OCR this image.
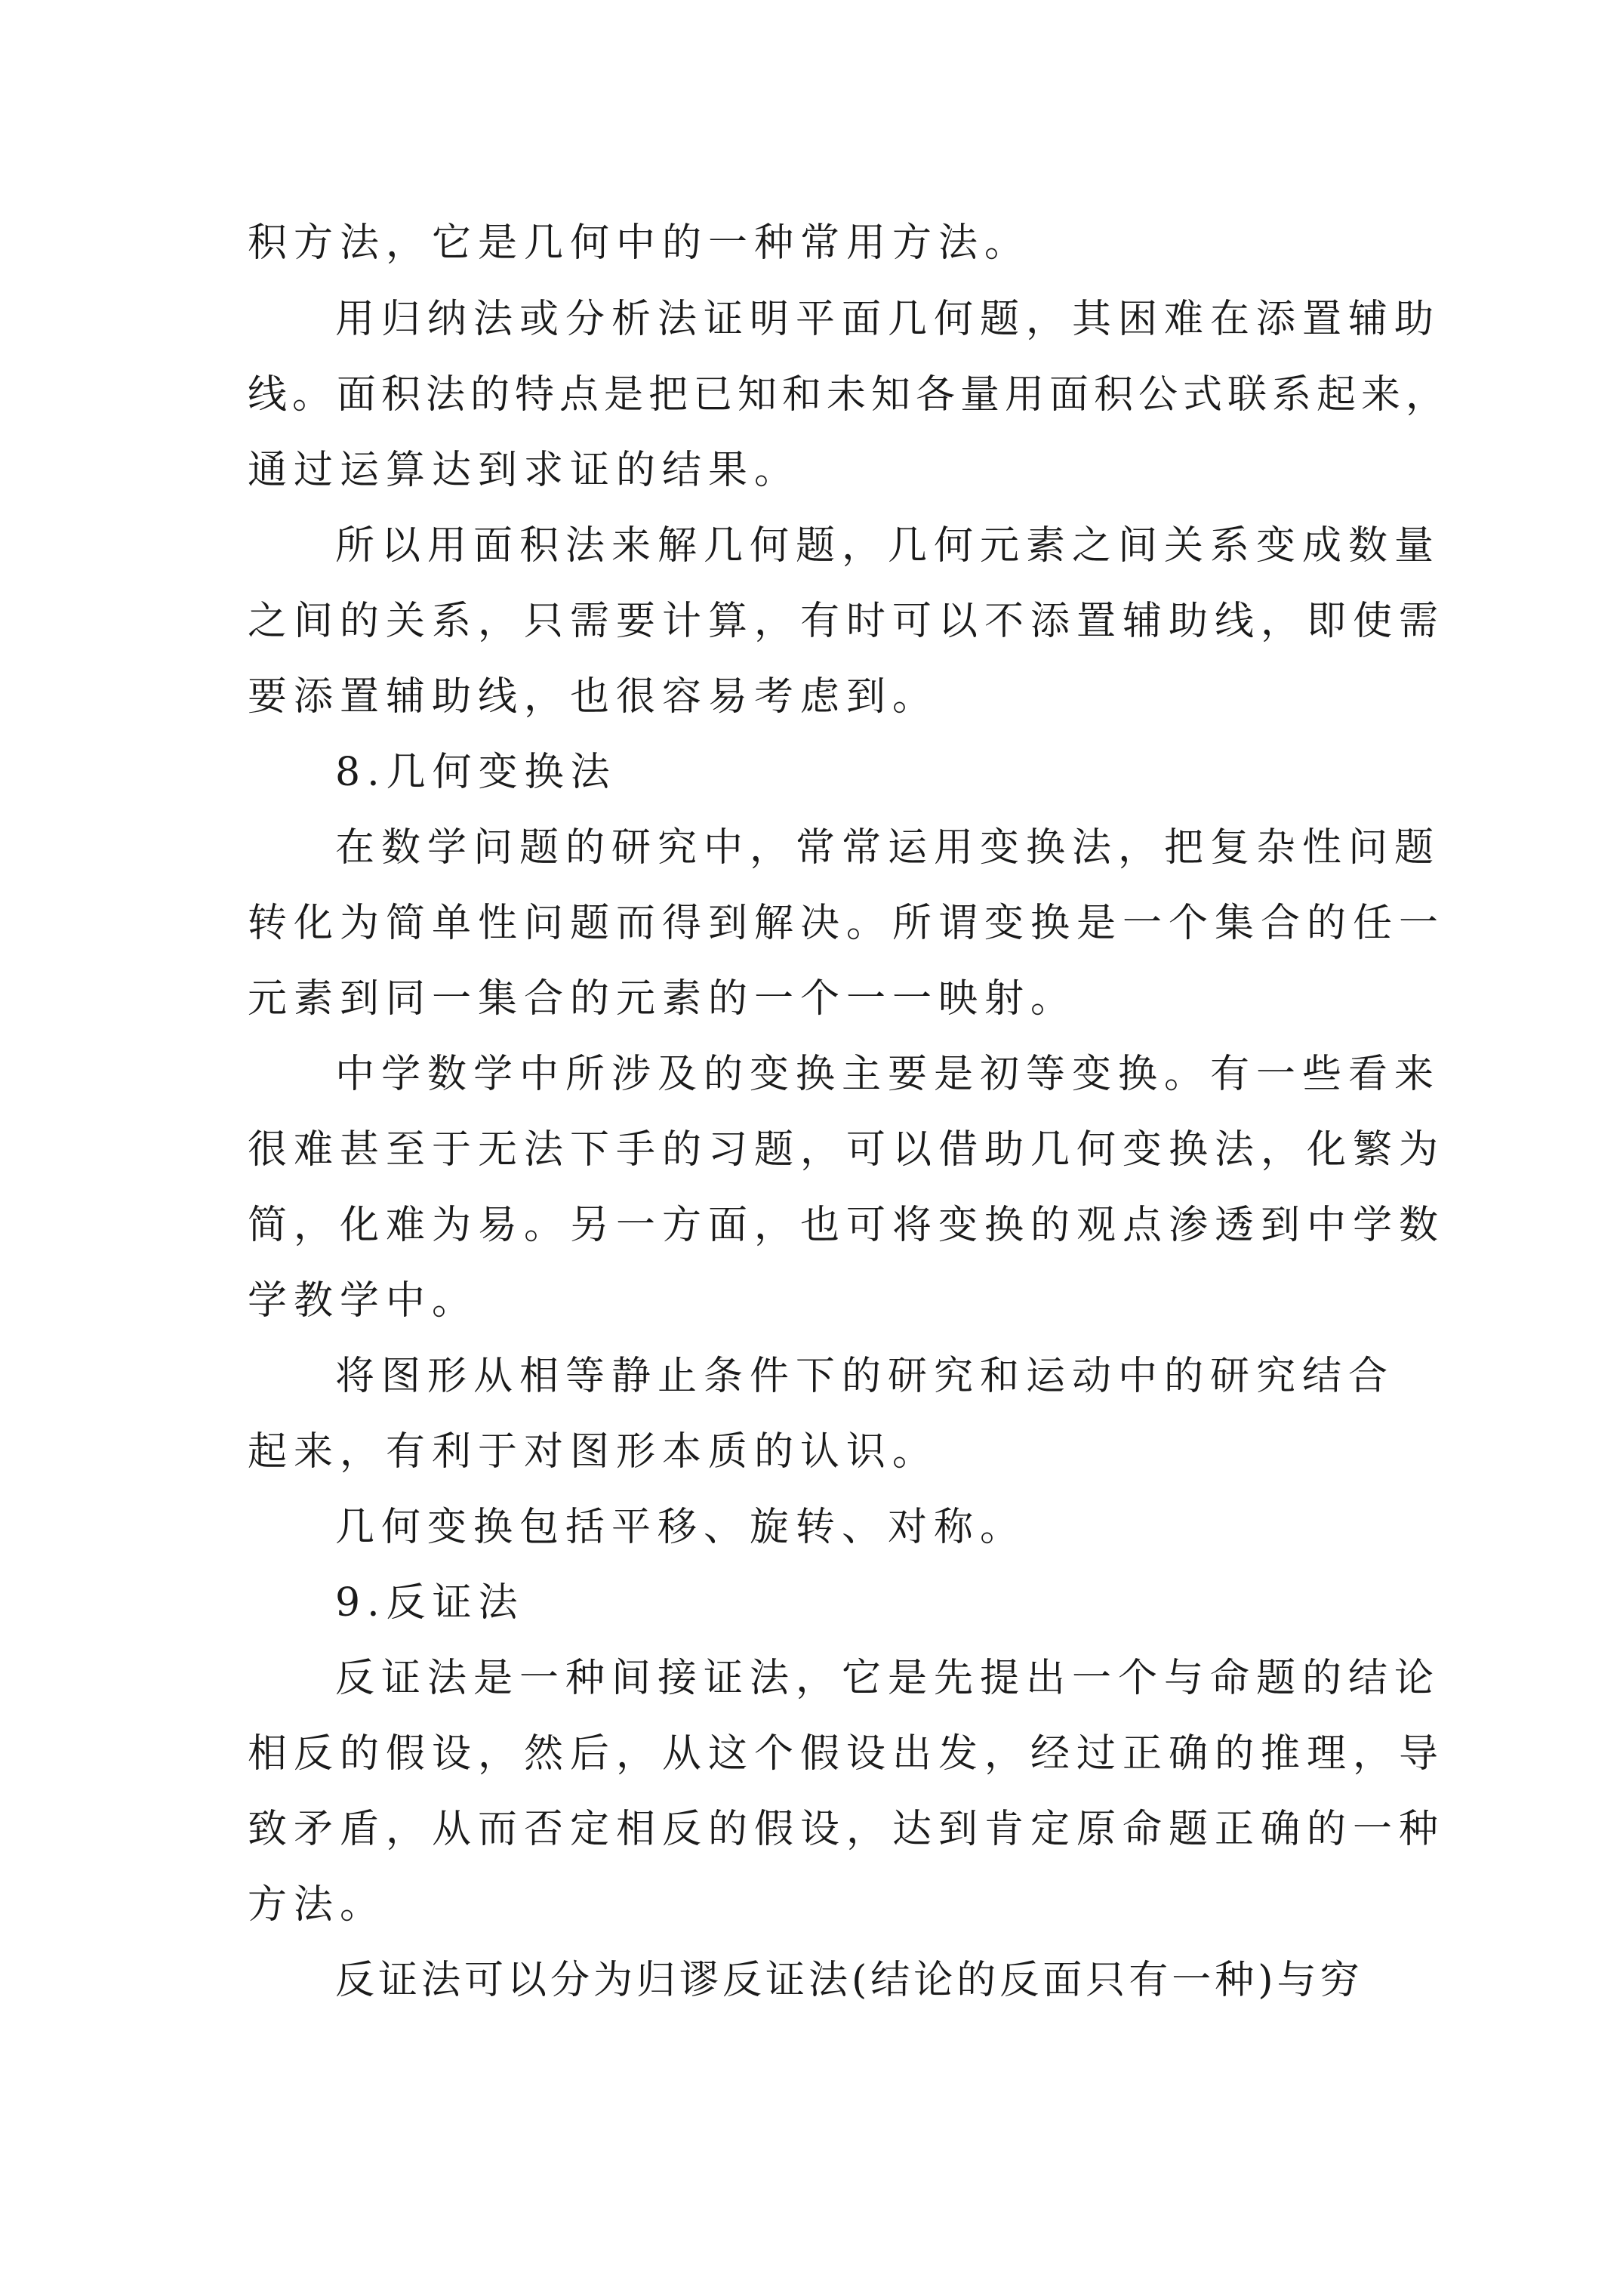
积方法，它是几何中的一种常用方法。
用归纳法或分析法证明平面几何题，其困难在添置辅助
线。面积法的特点是把已知和未知各量用面积公式联系起来，
通过运算达到求证的结果。
所以用面积法来解几何题，几何元素之间关系变成数量
之间的关系，只需要计算，有时可以不添置辅助线，即使需
要添置辅助线，也很容易考虑到。
8.几何变换法
在数学问题的研究中，常常运用变换法，把复杂性问题
转化为简单性问题而得到解决。所谓变换是一个集合的任一
元素到同一集合的元素的一个一一映射。
中学数学中所涉及的变换主要是初等变换。有一些看来
很难甚至于无法下手的习题，可以借助几何变换法，化繁为
简，化难为易。另一方面，也可将变换的观点渗透到中学数
学教学中。
将图形从相等静止条件下的研究和运动中的研究结合
起来，有利于对图形本质的认识。
几何变换包括平移、旋转、对称。
9.反证法
反证法是一种间接证法，它是先提出一个与命题的结论
相反的假设，然后，从这个假设出发，经过正确的推理，导
致矛盾，从而否定相反的假设，达到肯定原命题正确的一种
方法。
反证法可以分为归谬反证法(结论的反面只有一种)与穷
